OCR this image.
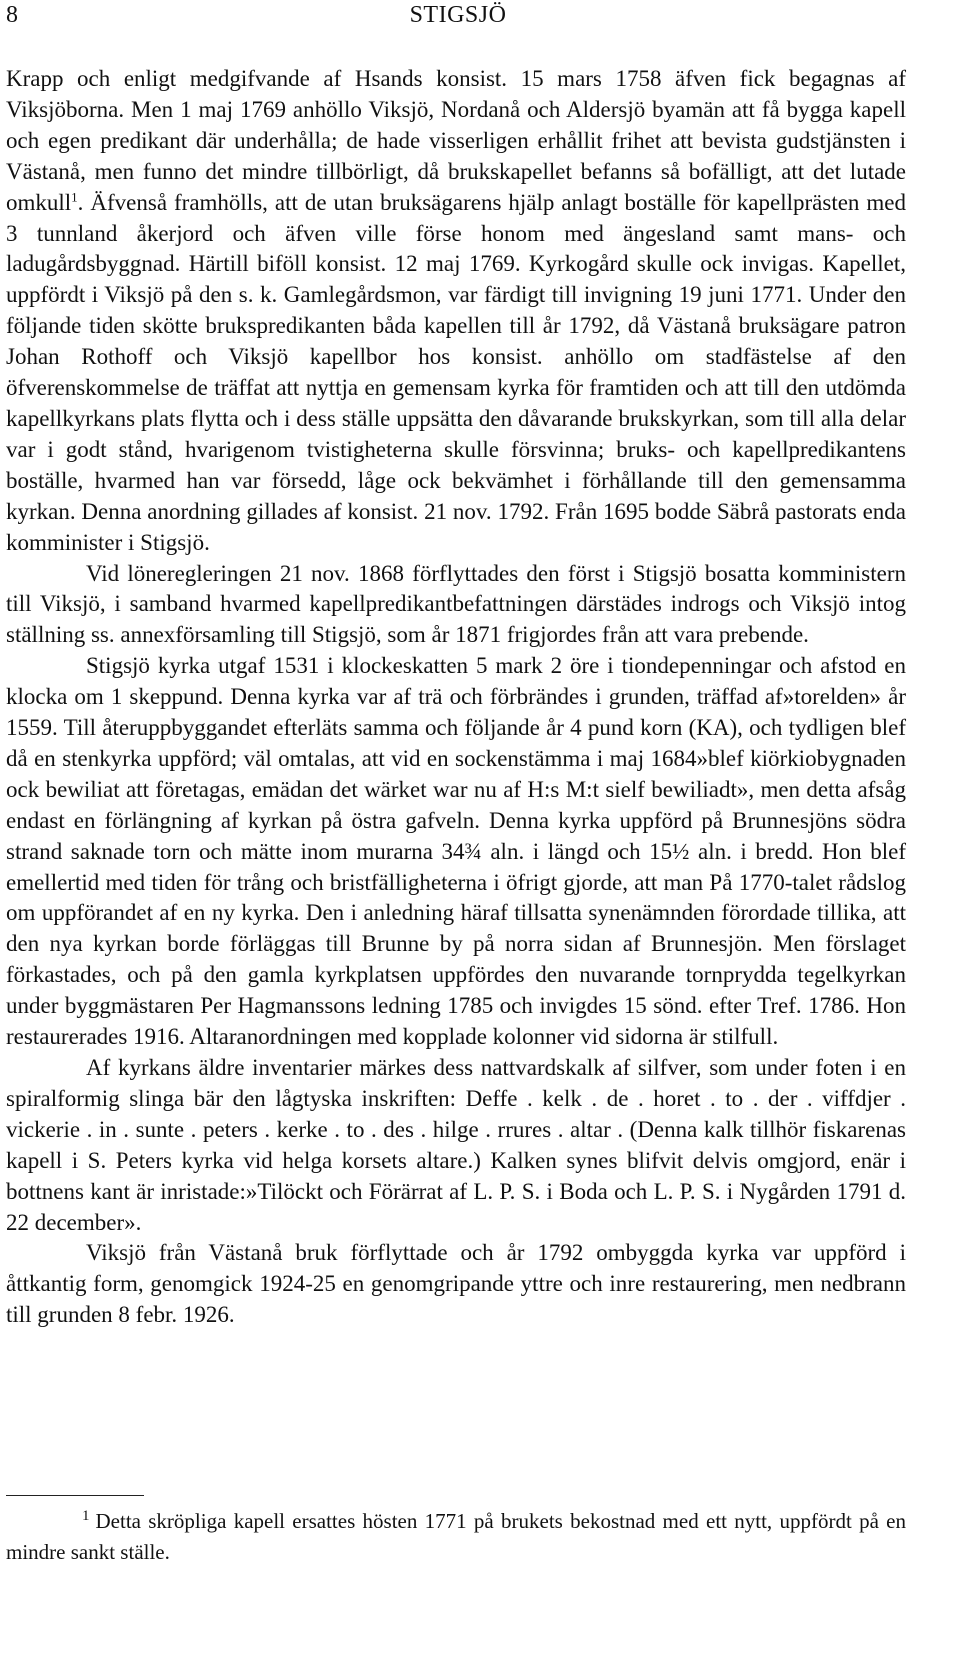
8	STIGSJÖ

Krapp och enligt medgifvande af Hsands konsist. 15 mars 1758 äfven fick begagnas af Viksjöborna. Men 1 maj 1769 anhöllo Viksjö, Nordanå och Aldersjö byamän att få bygga kapell och egen predikant där underhålla; de hade visserligen erhållit frihet att bevista gudstjänsten i Västanå, men funno det mindre tillbörligt, då brukskapellet befanns så bofälligt, att det lutade omkull$^1$. Äfvenså framhölls, att de utan bruksägarens hjälp anlagt boställe för kapellprästen med 3 tunnland åkerjord och äfven ville förse honom med ängesland samt mans- och ladugårdsbyggnad. Härtill biföll konsist. 12 maj 1769. Kyrkogård skulle ock invigas. Kapellet, uppfördt i Viksjö på den s. k. Gamlegårdsmon, var färdigt till invigning 19 juni 1771. Under den följande tiden skötte brukspredikanten båda kapellen till år 1792, då Västanå bruksägare patron Johan Rothoff och Viksjö kapellbor hos konsist. anhöllo om stadfästelse af den öfverenskommelse de träffat att nyttja en gemensam kyrka för framtiden och att till den utdömda kapellkyrkans plats flytta och i dess ställe uppsätta den dåvarande brukskyrkan, som till alla delar var i godt stånd, hvarigenom tvistigheterna skulle försvinna; bruks- och kapellpredikantens boställe, hvarmed han var försedd, låge ock bekvämhet i förhållande till den gemensamma kyrkan. Denna anordning gillades af konsist. 21 nov. 1792. Från 1695 bodde Säbrå pastorats enda komminister i Stigsjö.

Vid löneregleringen 21 nov. 1868 förflyttades den först i Stigsjö bosatta komministern till Viksjö, i samband hvarmed kapellpredikantbefattningen därstädes indrogs och Viksjö intog ställning ss. annexförsamling till Stigsjö, som år 1871 frigjordes från att vara prebende.

Stigsjö kyrka utgaf 1531 i klockeskatten 5 mark 2 öre i tiondepenningar och afstod en klocka om 1 skeppund. Denna kyrka var af trä och förbrändes i grunden, träffad af»torelden» år 1559. Till återuppbyggandet efterläts samma och följande år 4 pund korn (KA), och tydligen blef då en stenkyrka uppförd; väl omtalas, att vid en sockenstämma i maj 1684»blef kiörkiobygnaden ock bewiliat att företagas, emädan det wärket war nu af H:s M:t sielf bewiliadt», men detta afsåg endast en förlängning af kyrkan på östra gafveln. Denna kyrka uppförd på Brunnesjöns södra strand saknade torn och mätte inom murarna 34¾ aln. i längd och 15½ aln. i bredd. Hon blef emellertid med tiden för trång och bristfälligheterna i öfrigt gjorde, att man På 1770-talet rådslog om uppförandet af en ny kyrka. Den i anledning häraf tillsatta synenämnden förordade tillika, att den nya kyrkan borde förläggas till Brunne by på norra sidan af Brunnesjön. Men förslaget förkastades, och på den gamla kyrkplatsen uppfördes den nuvarande tornprydda tegelkyrkan under byggmästaren Per Hagmanssons ledning 1785 och invigdes 15 sönd. efter Tref. 1786. Hon restaurerades 1916. Altaranordningen med kopplade kolonner vid sidorna är stilfull.

Af kyrkans äldre inventarier märkes dess nattvardskalk af silfver, som under foten i en spiralformig slinga bär den lågtyska inskriften: Deffe . kelk . de . horet . to . der . viffdjer . vickerie . in . sunte . peters . kerke . to . des . hilge . rrures . altar . (Denna kalk tillhör fiskarenas kapell i S. Peters kyrka vid helga korsets altare.) Kalken synes blifvit delvis omgjord, enär i bottnens kant är inristade:»Tilöckt och Förärrat af L. P. S. i Boda och L. P. S. i Nygården 1791 d. 22 december».

Viksjö från Västanå bruk förflyttade och år 1792 ombyggda kyrka var uppförd i åttkantig form, genomgick 1924-25 en genomgripande yttre och inre restaurering, men nedbrann till grunden 8 febr. 1926.

$^1$ Detta skröpliga kapell ersattes hösten 1771 på brukets bekostnad med ett nytt, uppfördt på en mindre sankt ställe.
